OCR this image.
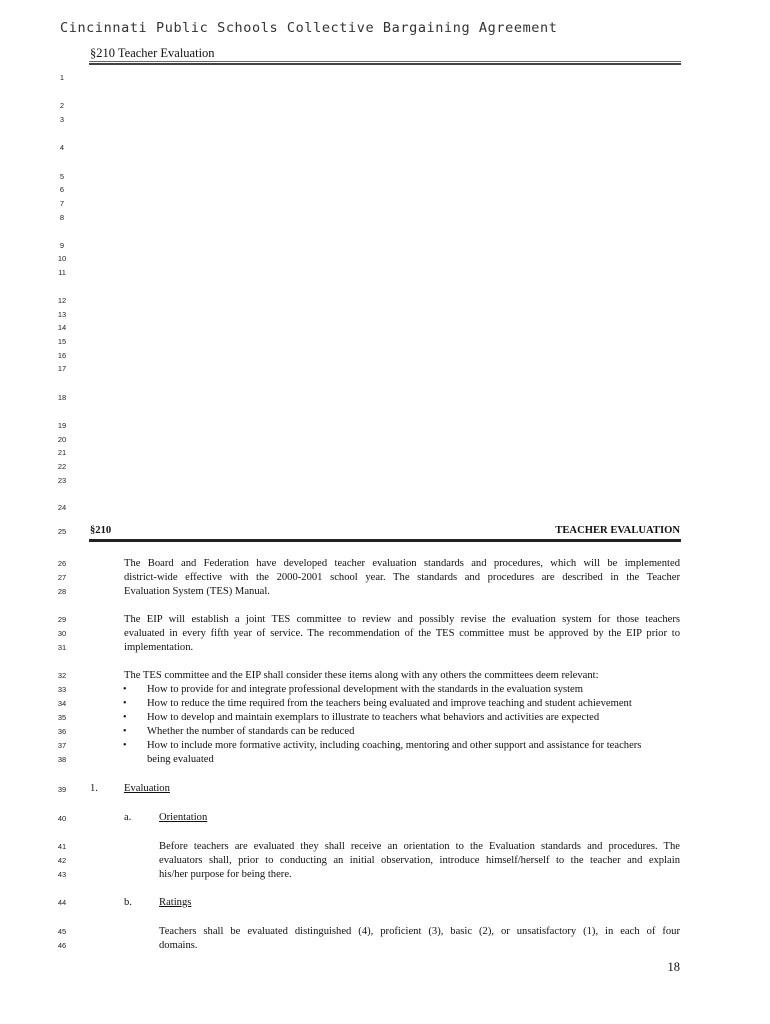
Cincinnati Public Schools Collective Bargaining Agreement
§210 Teacher Evaluation
1
2
3
4
5
6
7
8
9
10
11
12
13
14
15
16
17
18
19
20
21
22
23
24
25
26
27
28
29
30
31
32
33
34
35
36
37
38
39
40
41
42
43
44
45
46
§210	TEACHER EVALUATION
The Board and Federation have developed teacher evaluation standards and procedures, which will be implemented
district-wide effective with the 2000-2001 school year. The standards and procedures are described in the Teacher
Evaluation System (TES) Manual.
The EIP will establish a joint TES committee to review and possibly revise the evaluation system for those teachers
evaluated in every fifth year of service. The recommendation of the TES committee must be approved by the EIP prior to
implementation.
The TES committee and the EIP shall consider these items along with any others the committees deem relevant:
• How to provide for and integrate professional development with the standards in the evaluation system
• How to reduce the time required from the teachers being evaluated and improve teaching and student achievement
• How to develop and maintain exemplars to illustrate to teachers what behaviors and activities are expected
• Whether the number of standards can be reduced
• How to include more formative activity, including coaching, mentoring and other support and assistance for teachers
being evaluated
1. Evaluation
a.	Orientation
Before teachers are evaluated they shall receive an orientation to the Evaluation standards and procedures. The
evaluators shall, prior to conducting an initial observation, introduce himself/herself to the teacher and explain
his/her purpose for being there.
b.	Ratings
Teachers shall be evaluated distinguished (4), proficient (3), basic (2), or unsatisfactory (1), in each of four
domains.
18
